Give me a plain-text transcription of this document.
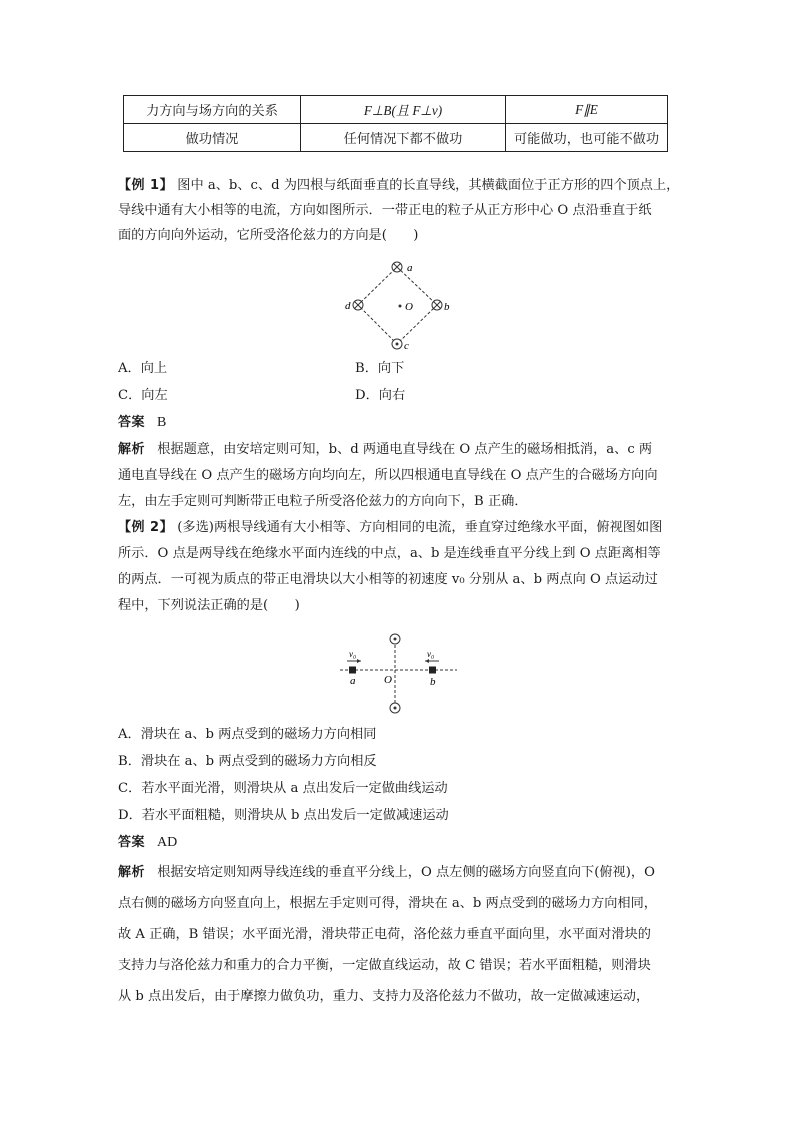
力方向与场方向的关系	F⊥B(且 F⊥v)	F∥E
做功情况	任何情况下都不做功	可能做功，也可能不做功
【例 1】 图中 a、b、c、d 为四根与纸面垂直的长直导线，其横截面位于正方形的四个顶点上，
导线中通有大小相等的电流，方向如图所示．一带正电的粒子从正方形中心 O 点沿垂直于纸
面的方向向外运动，它所受洛伦兹力的方向是(　　)
a
b
c
d	O
A．向上	B．向下
C．向左	D．向右
答案 B
解析 根据题意，由安培定则可知，b、d 两通电直导线在 O 点产生的磁场相抵消，a、c 两
通电直导线在 O 点产生的磁场方向均向左，所以四根通电直导线在 O 点产生的合磁场方向向
左，由左手定则可判断带正电粒子所受洛伦兹力的方向向下，B 正确．
【例 2】 (多选)两根导线通有大小相等、方向相同的电流，垂直穿过绝缘水平面，俯视图如图
所示．O 点是两导线在绝缘水平面内连线的中点，a、b 是连线垂直平分线上到 O 点距离相等
的两点．一可视为质点的带正电滑块以大小相等的初速度 v₀ 分别从 a、b 两点向 O 点运动过
程中，下列说法正确的是(　　)
v₀	v₀
a	b
O
A．滑块在 a、b 两点受到的磁场力方向相同
B．滑块在 a、b 两点受到的磁场力方向相反
C．若水平面光滑，则滑块从 a 点出发后一定做曲线运动
D．若水平面粗糙，则滑块从 b 点出发后一定做减速运动
答案 AD
解析 根据安培定则知两导线连线的垂直平分线上，O 点左侧的磁场方向竖直向下(俯视)，O
点右侧的磁场方向竖直向上，根据左手定则可得，滑块在 a、b 两点受到的磁场力方向相同，
故 A 正确，B 错误；水平面光滑，滑块带正电荷，洛伦兹力垂直平面向里，水平面对滑块的
支持力与洛伦兹力和重力的合力平衡，一定做直线运动，故 C 错误；若水平面粗糙，则滑块
从 b 点出发后，由于摩擦力做负功，重力、支持力及洛伦兹力不做功，故一定做减速运动，
